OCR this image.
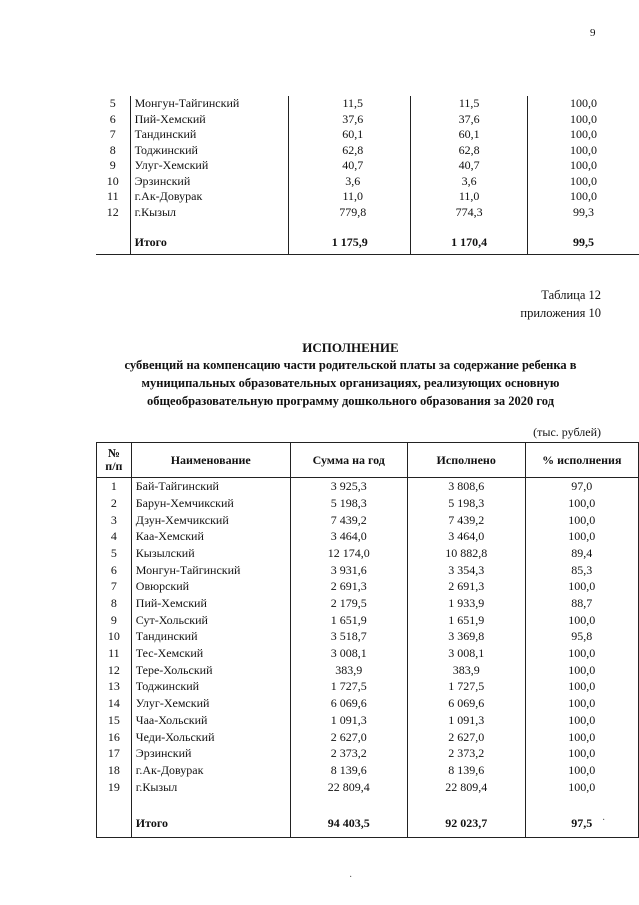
9
5	Монгун-Тайгинский	11,5	11,5	100,0
6	Пий-Хемский	37,6	37,6	100,0
7	Тандинский	60,1	60,1	100,0
8	Тоджинский	62,8	62,8	100,0
9	Улуг-Хемский	40,7	40,7	100,0
10	Эрзинский	3,6	3,6	100,0
11	г.Ак-Довурак	11,0	11,0	100,0
12	г.Кызыл	779,8	774,3	99,3

	Итого	1 175,9	1 170,4	99,5
Таблица 12
приложения 10
ИСПОЛНЕНИЕ
субвенций на компенсацию части родительской платы за содержание ребенка в
муниципальных образовательных организациях, реализующих основную
общеобразовательную программу дошкольного образования за 2020 год
(тыс. рублей)
№
п/п	Наименование	Сумма на год	Исполнено	% исполнения
1	Бай-Тайгинский	3 925,3	3 808,6	97,0
2	Барун-Хемчикский	5 198,3	5 198,3	100,0
3	Дзун-Хемчикский	7 439,2	7 439,2	100,0
4	Каа-Хемский	3 464,0	3 464,0	100,0
5	Кызылский	12 174,0	10 882,8	89,4
6	Монгун-Тайгинский	3 931,6	3 354,3	85,3
7	Овюрский	2 691,3	2 691,3	100,0
8	Пий-Хемский	2 179,5	1 933,9	88,7
9	Сут-Хольский	1 651,9	1 651,9	100,0
10	Тандинский	3 518,7	3 369,8	95,8
11	Тес-Хемский	3 008,1	3 008,1	100,0
12	Тере-Хольский	383,9	383,9	100,0
13	Тоджинский	1 727,5	1 727,5	100,0
14	Улуг-Хемский	6 069,6	6 069,6	100,0
15	Чаа-Хольский	1 091,3	1 091,3	100,0
16	Чеди-Хольский	2 627,0	2 627,0	100,0
17	Эрзинский	2 373,2	2 373,2	100,0
18	г.Ак-Довурак	8 139,6	8 139,6	100,0
19	г.Кызыл	22 809,4	22 809,4	100,0

	Итого	94 403,5	92 023,7	97,5 ·
·
